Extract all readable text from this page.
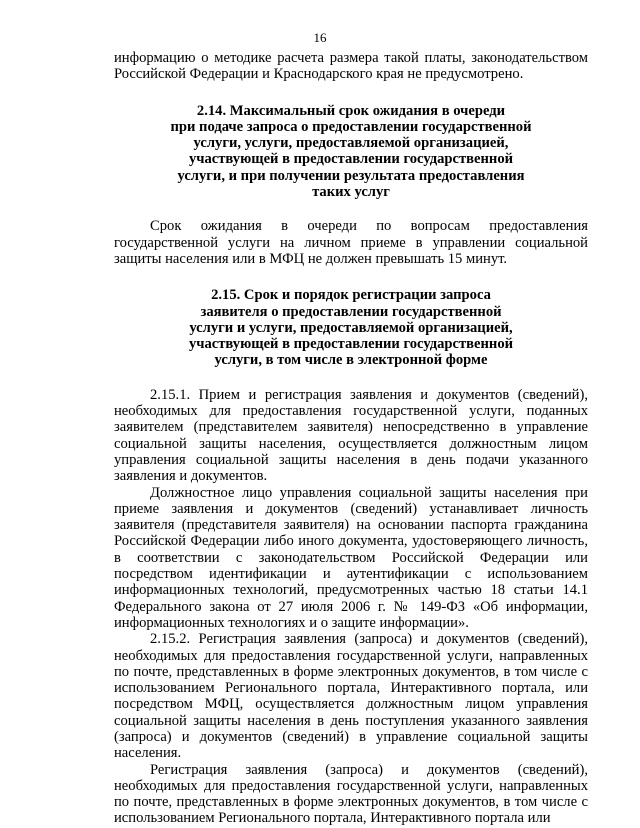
16

информацию о методике расчета размера такой платы, законодательством Российской Федерации и Краснодарского края не предусмотрено.

2.14. Максимальный срок ожидания в очереди
при подаче запроса о предоставлении государственной
услуги, услуги, предоставляемой организацией,
участвующей в предоставлении государственной
услуги, и при получении результата предоставления
таких услуг

Срок ожидания в очереди по вопросам предоставления государственной услуги на личном приеме в управлении социальной защиты населения или в МФЦ не должен превышать 15 минут.

2.15. Срок и порядок регистрации запроса
заявителя о предоставлении государственной
услуги и услуги, предоставляемой организацией,
участвующей в предоставлении государственной
услуги, в том числе в электронной форме

2.15.1. Прием и регистрация заявления и документов (сведений), необходимых для предоставления государственной услуги, поданных заявителем (представителем заявителя) непосредственно в управление социальной защиты населения, осуществляется должностным лицом управления социальной защиты населения в день подачи указанного заявления и документов.

Должностное лицо управления социальной защиты населения при приеме заявления и документов (сведений) устанавливает личность заявителя (представителя заявителя) на основании паспорта гражданина Российской Федерации либо иного документа, удостоверяющего личность, в соответствии с законодательством Российской Федерации или посредством идентификации и аутентификации с использованием информационных технологий, предусмотренных частью 18 статьи 14.1 Федерального закона от 27 июля 2006 г. № 149-ФЗ «Об информации, информационных технологиях и о защите информации».

2.15.2. Регистрация заявления (запроса) и документов (сведений), необходимых для предоставления государственной услуги, направленных по почте, представленных в форме электронных документов, в том числе с использованием Регионального портала, Интерактивного портала, или посредством МФЦ, осуществляется должностным лицом управления социальной защиты населения в день поступления указанного заявления (запроса) и документов (сведений) в управление социальной защиты населения.

Регистрация заявления (запроса) и документов (сведений), необходимых для предоставления государственной услуги, направленных по почте, представленных в форме электронных документов, в том числе с использованием Регионального портала, Интерактивного портала или
